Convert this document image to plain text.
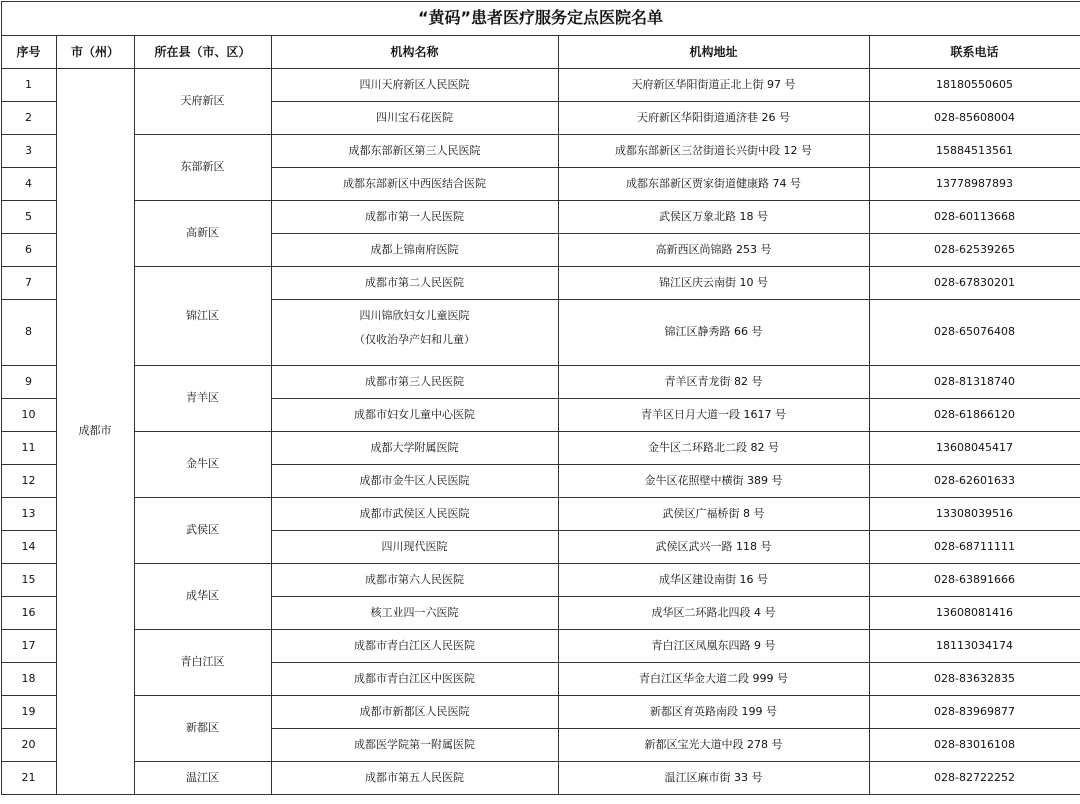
“黄码”患者医疗服务定点医院名单					
序号	市（州）	所在县（市、区）	机构名称	机构地址	联系电话
1	成都市	天府新区	四川天府新区人民医院	天府新区华阳街道正北上街 97 号	18180550605
2			四川宝石花医院	天府新区华阳街道通济巷 26 号	028-85608004
3		东部新区	成都东部新区第三人民医院	成都东部新区三岔街道长兴街中段 12 号	15884513561
4			成都东部新区中西医结合医院	成都东部新区贾家街道健康路 74 号	13778987893
5		高新区	成都市第一人民医院	武侯区万象北路 18 号	028-60113668
6			成都上锦南府医院	高新西区尚锦路 253 号	028-62539265
7		锦江区	成都市第二人民医院	锦江区庆云南街 10 号	028-67830201
8			四川锦欣妇女儿童医院
（仅收治孕产妇和儿童）	锦江区静秀路 66 号	028-65076408
9		青羊区	成都市第三人民医院	青羊区青龙街 82 号	028-81318740
10			成都市妇女儿童中心医院	青羊区日月大道一段 1617 号	028-61866120
11		金牛区	成都大学附属医院	金牛区二环路北二段 82 号	13608045417
12			成都市金牛区人民医院	金牛区花照壁中横街 389 号	028-62601633
13		武侯区	成都市武侯区人民医院	武侯区广福桥街 8 号	13308039516
14			四川现代医院	武侯区武兴一路 118 号	028-68711111
15		成华区	成都市第六人民医院	成华区建设南街 16 号	028-63891666
16			核工业四一六医院	成华区二环路北四段 4 号	13608081416
17		青白江区	成都市青白江区人民医院	青白江区凤凰东四路 9 号	18113034174
18			成都市青白江区中医医院	青白江区华金大道二段 999 号	028-83632835
19		新都区	成都市新都区人民医院	新都区育英路南段 199 号	028-83969877
20			成都医学院第一附属医院	新都区宝光大道中段 278 号	028-83016108
21		温江区	成都市第五人民医院	温江区麻市街 33 号	028-82722252
